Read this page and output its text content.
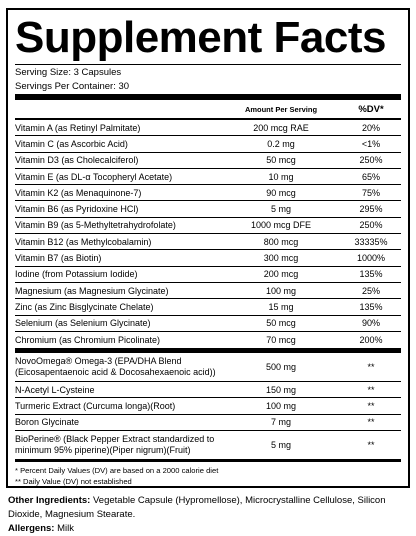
Supplement Facts
Serving Size: 3 Capsules
Servings Per Container: 30
Amount Per Serving	%DV*
Vitamin A (as Retinyl Palmitate)	200 mcg RAE	20%
Vitamin C (as Ascorbic Acid)	0.2 mg	<1%
Vitamin D3 (as Cholecalciferol)	50 mcg	250%
Vitamin E (as DL-α Tocopheryl Acetate)	10 mg	65%
Vitamin K2 (as Menaquinone-7)	90 mcg	75%
Vitamin B6 (as Pyridoxine HCl)	5 mg	295%
Vitamin B9 (as 5-Methyltetrahydrofolate)	1000 mcg DFE	250%
Vitamin B12 (as Methylcobalamin)	800 mcg	33335%
Vitamin B7 (as Biotin)	300 mcg	1000%
Iodine (from Potassium Iodide)	200 mcg	135%
Magnesium (as Magnesium Glycinate)	100 mg	25%
Zinc (as Zinc Bisglycinate Chelate)	15 mg	135%
Selenium (as Selenium Glycinate)	50 mcg	90%
Chromium (as Chromium Picolinate)	70 mcg	200%
NovoOmega® Omega-3 (EPA/DHA Blend (Eicosapentaenoic acid & Docosahexaenoic acid))	500 mg	**
N-Acetyl L-Cysteine	150 mg	**
Turmeric Extract (Curcuma longa)(Root)	100 mg	**
Boron Glycinate	7 mg	**
BioPerine® (Black Pepper Extract standardized to minimum 95% piperine)(Piper nigrum)(Fruit)	5 mg	**
* Percent Daily Values (DV) are based on a 2000 calorie diet
** Daily Value (DV) not established
Other Ingredients: Vegetable Capsule (Hypromellose), Microcrystalline Cellulose, Silicon Dioxide, Magnesium Stearate.
Allergens: Milk
